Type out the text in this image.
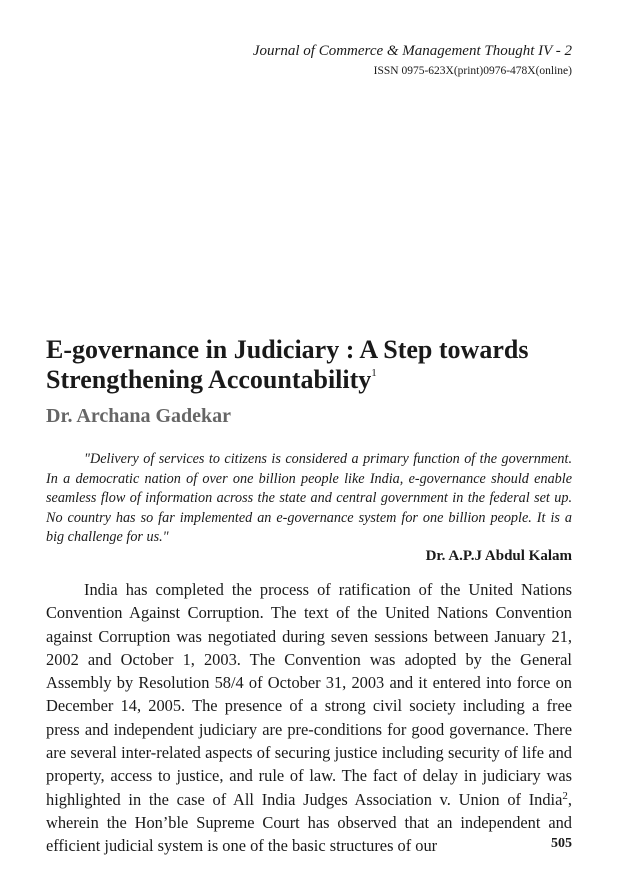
Journal of Commerce & Management Thought IV - 2
ISSN 0975-623X(print)0976-478X(online)
E-governance in Judiciary : A Step towards Strengthening Accountability$^1$
Dr. Archana Gadekar

"Delivery of services to citizens is considered a primary function of the government. In a democratic nation of over one billion people like India, e-governance should enable seamless flow of information across the state and central government in the federal set up. No country has so far implemented an e-governance system for one billion people. It is a big challenge for us."

Dr. A.P.J Abdul Kalam

India has completed the process of ratification of the United Nations Convention Against Corruption. The text of the United Nations Convention against Corruption was negotiated during seven sessions between January 21, 2002 and October 1, 2003. The Convention was adopted by the General Assembly by Resolution 58/4 of October 31, 2003 and it entered into force on December 14, 2005. The presence of a strong civil society including a free press and independent judiciary are pre-conditions for good governance. There are several inter-related aspects of securing justice including security of life and property, access to justice, and rule of law. The fact of delay in judiciary was highlighted in the case of All India Judges Association v. Union of India$^2$, wherein the Hon’ble Supreme Court has observed that an independent and efficient judicial system is one of the basic structures of our	505
